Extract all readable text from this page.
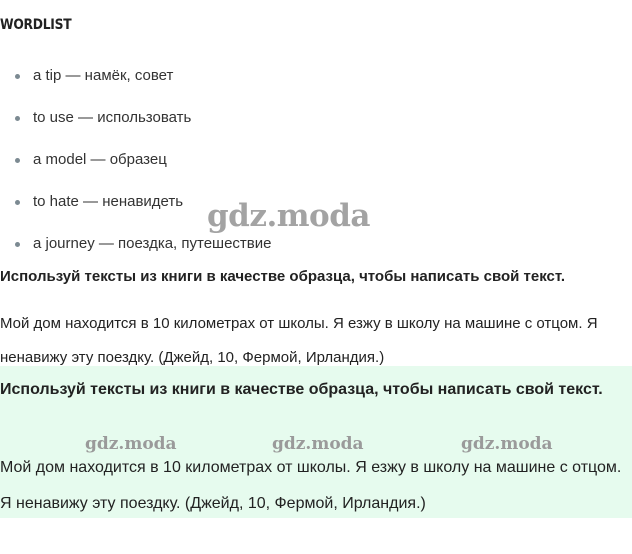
WORDLIST
a tip — намёк, совет
to use — использовать
a model — образец
to hate — ненавидеть
a journey — поездка, путешествие
Используй тексты из книги в качестве образца, чтобы написать свой текст.
Мой дом находится в 10 километрах от школы. Я езжу в школу на машине с отцом. Я ненавижу эту поездку. (Джейд, 10, Фермой, Ирландия.)
Используй тексты из книги в качестве образца, чтобы написать свой текст.
Мой дом находится в 10 километрах от школы. Я езжу в школу на машине с отцом. Я ненавижу эту поездку. (Джейд, 10, Фермой, Ирландия.)
gdz.moda
gdz.moda	gdz.moda	gdz.moda
